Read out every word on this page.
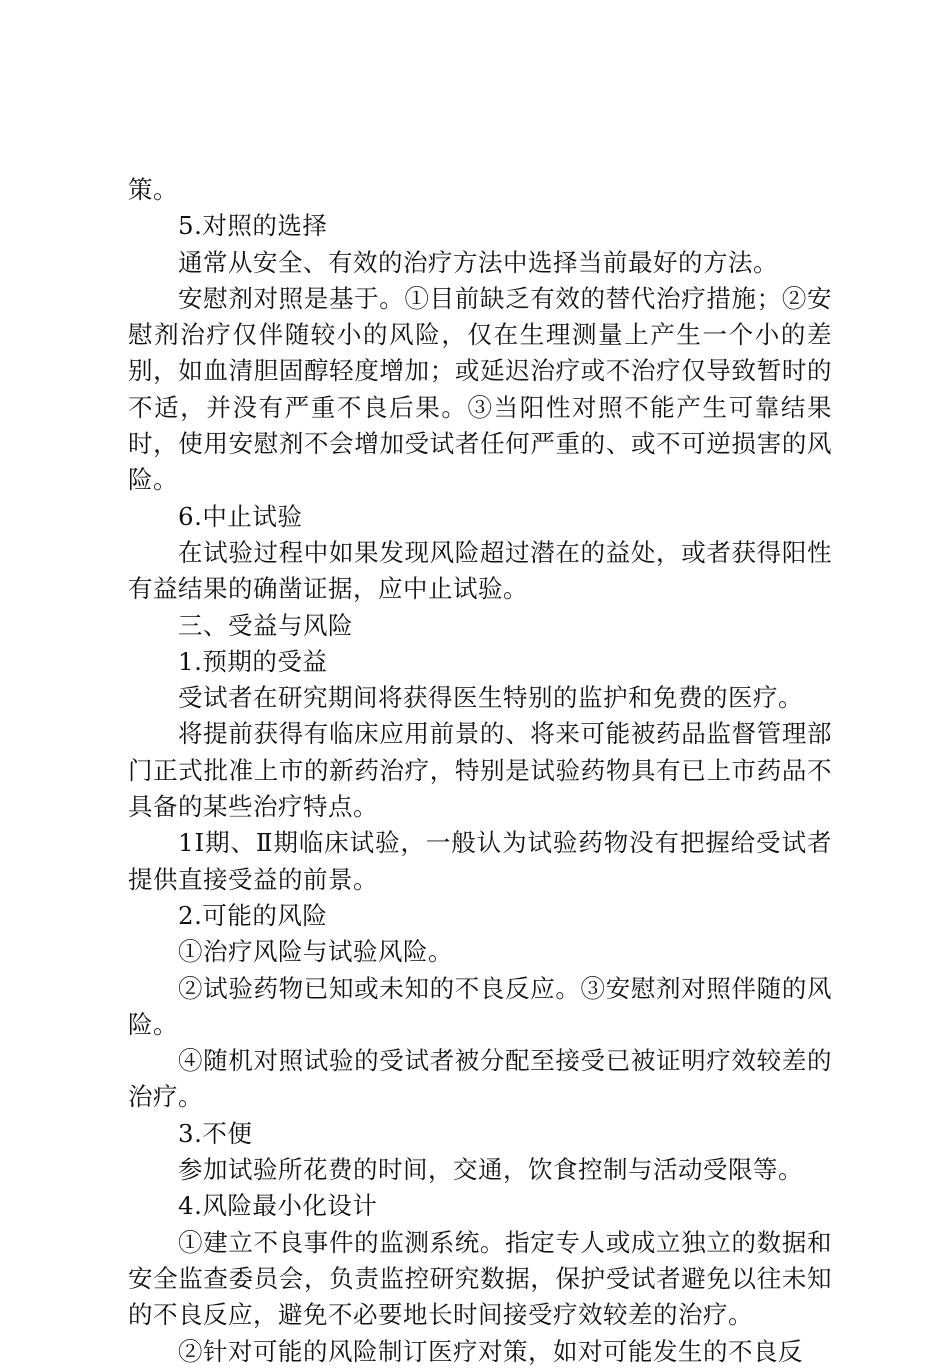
策。

5.对照的选择

通常从安全、有效的治疗方法中选择当前最好的方法。

安慰剂对照是基于。①目前缺乏有效的替代治疗措施；②安慰剂治疗仅伴随较小的风险，仅在生理测量上产生一个小的差别，如血清胆固醇轻度增加；或延迟治疗或不治疗仅导致暂时的不适，并没有严重不良后果。③当阳性对照不能产生可靠结果时，使用安慰剂不会增加受试者任何严重的、或不可逆损害的风险。

6.中止试验

在试验过程中如果发现风险超过潜在的益处，或者获得阳性有益结果的确凿证据，应中止试验。

三、受益与风险

1.预期的受益

受试者在研究期间将获得医生特别的监护和免费的医疗。

将提前获得有临床应用前景的、将来可能被药品监督管理部门正式批准上市的新药治疗，特别是试验药物具有已上市药品不具备的某些治疗特点。

1Ⅰ期、Ⅱ期临床试验，一般认为试验药物没有把握给受试者提供直接受益的前景。

2.可能的风险

①治疗风险与试验风险。

②试验药物已知或未知的不良反应。③安慰剂对照伴随的风险。

④随机对照试验的受试者被分配至接受已被证明疗效较差的治疗。

3.不便

参加试验所花费的时间，交通，饮食控制与活动受限等。

4.风险最小化设计

①建立不良事件的监测系统。指定专人或成立独立的数据和安全监查委员会，负责监控研究数据，保护受试者避免以往未知的不良反应，避免不必要地长时间接受疗效较差的治疗。

②针对可能的风险制订医疗对策，如对可能发生的不良反
